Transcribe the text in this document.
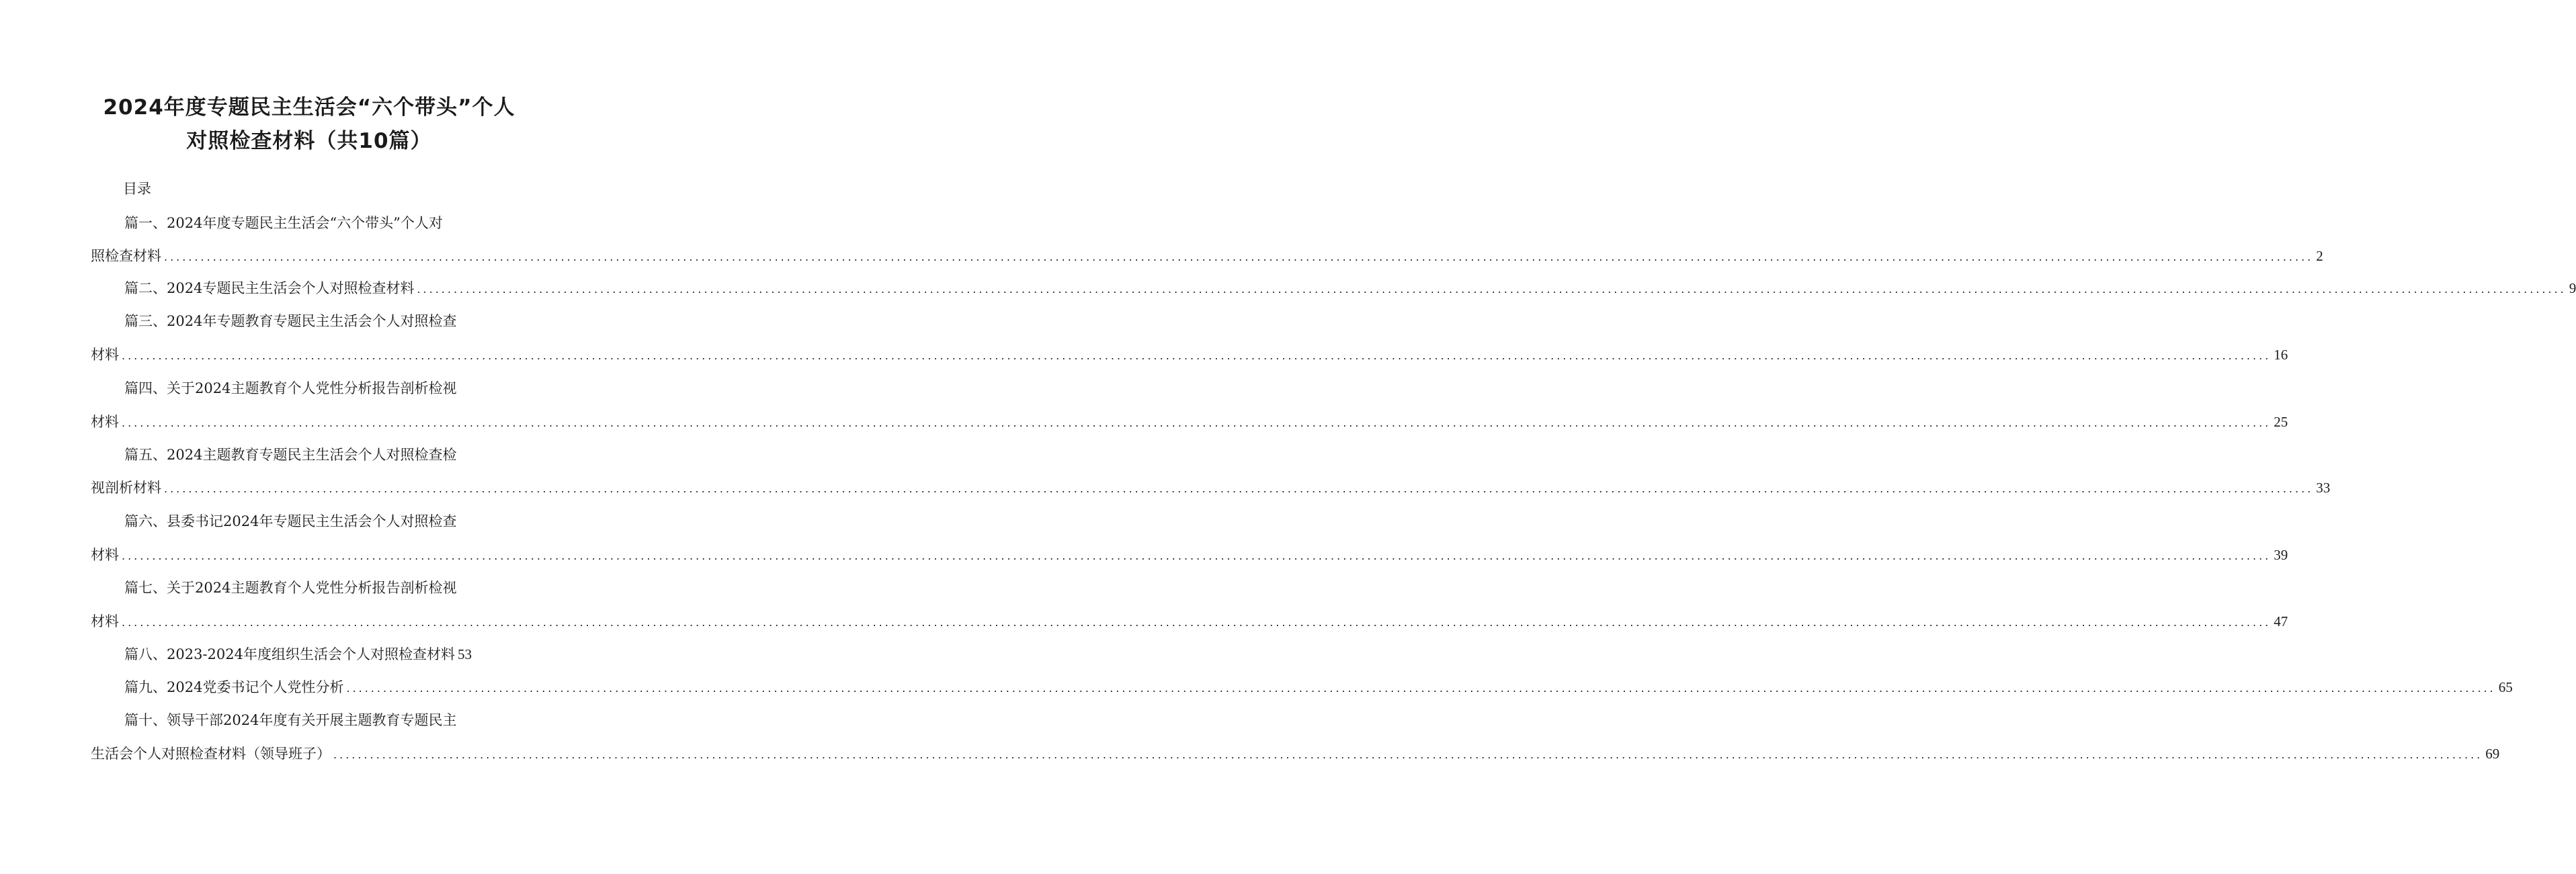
2024年度专题民主生活会“六个带头”个人
对照检查材料（共10篇）
目录
篇一、2024年度专题民主生活会“六个带头”个人对
照检查材料 ................................................................................................................................................................................................................................................................................................................................................................ 2
篇二、2024专题民主生活会个人对照检查材料 ................................................................................................................................................................................................................................................................................................................................................................ 9
篇三、2024年专题教育专题民主生活会个人对照检查
材料 ................................................................................................................................................................................................................................................................................................................................................................ 16
篇四、关于2024主题教育个人党性分析报告剖析检视
材料 ................................................................................................................................................................................................................................................................................................................................................................ 25
篇五、2024主题教育专题民主生活会个人对照检查检
视剖析材料 ................................................................................................................................................................................................................................................................................................................................................................ 33
篇六、县委书记2024年专题民主生活会个人对照检查
材料 ................................................................................................................................................................................................................................................................................................................................................................ 39
篇七、关于2024主题教育个人党性分析报告剖析检视
材料 ................................................................................................................................................................................................................................................................................................................................................................ 47
篇八、2023-2024年度组织生活会个人对照检查材料 53
篇九、2024党委书记个人党性分析 ................................................................................................................................................................................................................................................................................................................................................................ 65
篇十、领导干部2024年度有关开展主题教育专题民主
生活会个人对照检查材料（领导班子） ................................................................................................................................................................................................................................................................................................................................................................ 69
